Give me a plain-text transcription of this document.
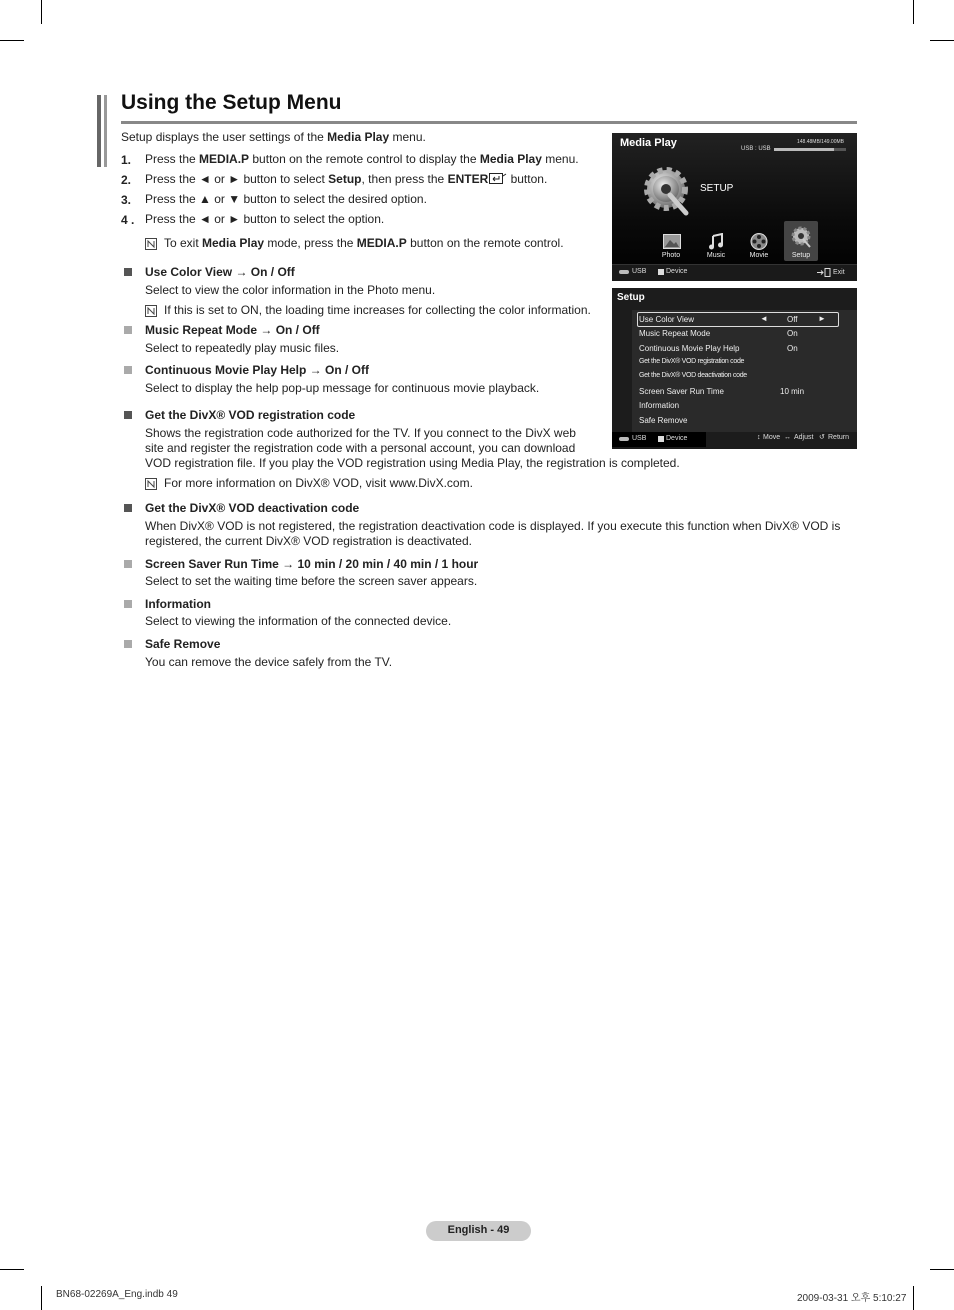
Using the Setup Menu
Setup displays the user settings of the Media Play menu.
1. Press the MEDIA.P button on the remote control to display the Media Play menu.
2. Press the ◄ or ► button to select Setup, then press the ENTER button.
3. Press the ▲ or ▼ button to select the desired option.
4 . Press the ◄ or ► button to select the option.
To exit Media Play mode, press the MEDIA.P button on the remote control.
Use Color View → On / Off
Select to view the color information in the Photo menu.
If this is set to ON, the loading time increases for collecting the color information.
Music Repeat Mode → On / Off
Select to repeatedly play music files.
Continuous Movie Play Help → On / Off
Select to display the help pop-up message for continuous movie playback.
Get the DivX® VOD registration code
Shows the registration code authorized for the TV. If you connect to the DivX web
site and register the registration code with a personal account, you can download
VOD registration file. If you play the VOD registration using Media Play, the registration is completed.
For more information on DivX® VOD, visit www.DivX.com.
Get the DivX® VOD deactivation code
When DivX® VOD is not registered, the registration deactivation code is displayed. If you execute this function when DivX® VOD is
registered, the current DivX® VOD registration is deactivated.
Screen Saver Run Time → 10 min / 20 min / 40 min / 1 hour
Select to set the waiting time before the screen saver appears.
Information
Select to viewing the information of the connected device.
Safe Remove
You can remove the device safely from the TV.
Media Play	148.48MB/149.00MB
USB : USB
SETUP
Photo	Music	Movie	Setup
USB	Device	Exit
Setup
Use Color View	◄ Off	►
Music Repeat Mode	On
Continuous Movie Play Help	On
Get the DivX® VOD registration code
Get the DivX® VOD deactivation code
Screen Saver Run Time	10 min
Information
Safe Remove
USB	Device	↕ Move ↔ Adjust ↺ Return
English - 49
BN68-02269A_Eng.indb 49	2009-03-31 오후 5:10:27
